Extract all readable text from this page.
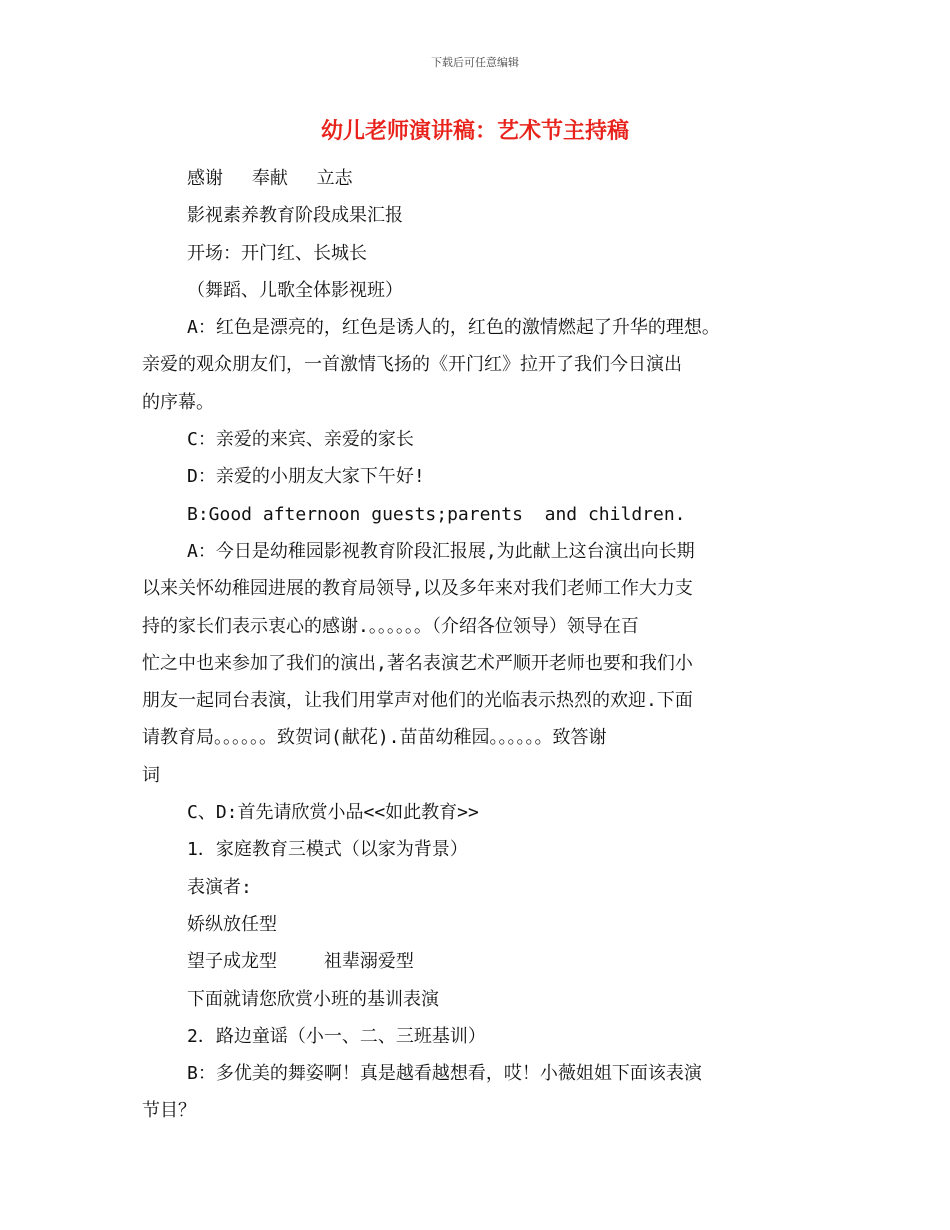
下载后可任意编辑
幼儿老师演讲稿：艺术节主持稿
感谢　 奉献　 立志
影视素养教育阶段成果汇报
开场：开门红、长城长
（舞蹈、儿歌全体影视班）
A：红色是漂亮的，红色是诱人的，红色的激情燃起了升华的理想。
亲爱的观众朋友们，一首激情飞扬的《开门红》拉开了我们今日演出
的序幕。
C：亲爱的来宾、亲爱的家长
D：亲爱的小朋友大家下午好!
B:Good afternoon guests;parents  and children.
A：今日是幼稚园影视教育阶段汇报展,为此献上这台演出向长期
以来关怀幼稚园进展的教育局领导,以及多年来对我们老师工作大力支
持的家长们表示衷心的感谢.。。。。。。（介绍各位领导）领导在百
忙之中也来参加了我们的演出,著名表演艺术严顺开老师也要和我们小
朋友一起同台表演，让我们用掌声对他们的光临表示热烈的欢迎.下面
请教育局。。。。。。致贺词(献花).苗苗幼稚园。。。。。。致答谢
词
C、D:首先请欣赏小品<<如此教育>>
1．家庭教育三模式（以家为背景）
表演者:
娇纵放任型
望子成龙型　　 祖辈溺爱型
下面就请您欣赏小班的基训表演
2．路边童谣（小一、二、三班基训）
B：多优美的舞姿啊！真是越看越想看，哎！小薇姐姐下面该表演
节目？
